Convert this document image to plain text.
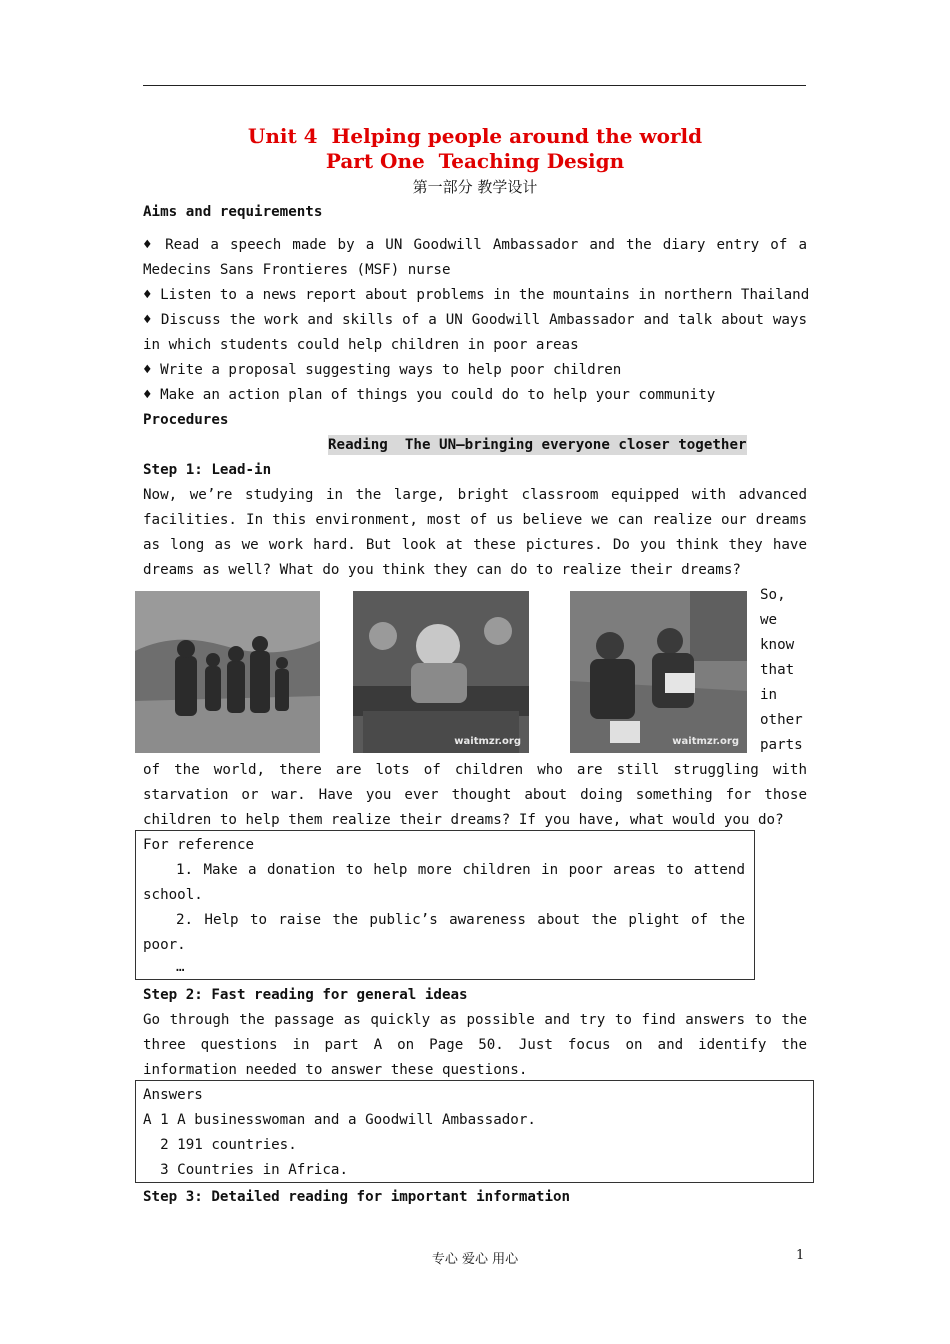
Unit 4  Helping people around the world
Part One  Teaching Design
第一部分 教学设计
Aims and requirements
♦ Read a speech made by a UN Goodwill Ambassador and the diary entry of a
Medecins Sans Frontieres (MSF) nurse
♦ Listen to a news report about problems in the mountains in northern Thailand
♦ Discuss the work and skills of a UN Goodwill Ambassador and talk about ways
in which students could help children in poor areas
♦ Write a proposal suggesting ways to help poor children
♦ Make an action plan of things you could do to help your community
Procedures
Reading  The UN—bringing everyone closer together
Step 1: Lead-in
Now, we’re studying in the large, bright classroom equipped with advanced
facilities. In this environment, most of us believe we can realize our dreams
as long as we work hard. But look at these pictures. Do you think they have
dreams as well? What do you think they can do to realize their dreams?
waitmzr.org	waitmzr.org
So,
we
know
that
in
other
parts
of the world, there are lots of children who are still struggling with
starvation or war. Have you ever thought about doing something for those
children to help them realize their dreams? If you have, what would you do?
For reference
1. Make a donation to help more children in poor areas to attend
school.
2. Help to raise the public’s awareness about the plight of the
poor.
…
Step 2: Fast reading for general ideas
Go through the passage as quickly as possible and try to find answers to the
three questions in part A on Page 50. Just focus on and identify the
information needed to answer these questions.
Answers
A 1 A businesswoman and a Goodwill Ambassador.
2 191 countries.
3 Countries in Africa.
Step 3: Detailed reading for important information
专心 爱心 用心	1
